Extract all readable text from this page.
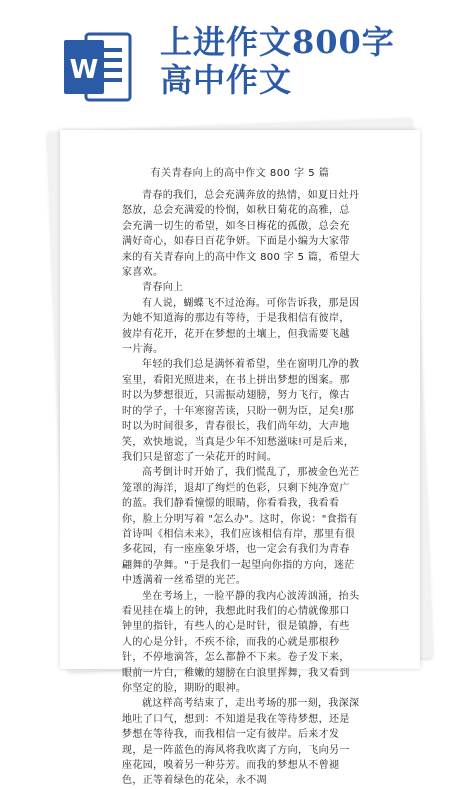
W
上进作文800字
高中作文
有关青春向上的高中作文 800 字 5 篇

青春的我们，总会充满奔放的热情，如夏日灶丹怒放，总会充满爱的怜悯，如秋日菊花的高雅，总会充满一切生的希望，如冬日梅花的孤傲，总会充满好奇心，如春日百花争妍。下面是小编为大家带来的有关青春向上的高中作文 800 字 5 篇，希望大家喜欢。

青春向上

有人说，蝴蝶飞不过沧海。可你告诉我，那是因为她不知道海的那边有等待，于是我相信有彼岸，彼岸有花开，花开在梦想的土壤上，但我需要飞越一片海。

年轻的我们总是满怀着希望，坐在窗明几净的教室里，看阳光照进来，在书上拼出梦想的图案。那时以为梦想很近，只需振动翅膀，努力飞行，像古时的学子，十年寒窗苦读，只盼一朝为臣，足矣!那时以为时间很多，青春很长，我们尚年幼，大声地笑，欢快地说，当真是少年不知愁滋味!可是后来，我们只是留恋了一朵花开的时间。

高考倒计时开始了，我们慌乱了，那被金色光芒笼罩的海洋，退却了绚烂的色彩，只剩下纯净宽广的蓝。我们静看憧憬的眼睛，你看看我，我看看你，脸上分明写着 "怎么办"。这时，你说："食指有首诗叫《相信未来》，我们应该相信有岸，那里有很多花园，有一座座象牙塔，也一定会有我们为青春翩舞的孕舞。"于是我们一起望向你指的方向，迷茫中透满着一丝希望的光芒。

坐在考场上，一脸平静的我内心波涛汹涌，抬头看见挂在墙上的钟，我想此时我们的心情就像那口钟里的指针，有些人的心是时针，很是镇静，有些人的心是分针，不疾不徐，而我的心就是那根秒针，不停地滴答，怎么都静不下来。卷子发下来，眼前一片白，稚嫩的翅膀在白浪里挥舞，我又看到你坚定的脸，期盼的眼神。

就这样高考结束了，走出考场的那一刻，我深深地吐了口气，想到：不知道是我在等待梦想，还是梦想在等待我，而我相信一定有彼岸。后来才发现，是一阵蓝色的海风将我吹离了方向，飞向另一座花园，嗅着另一种芬芳。而我的梦想从不曾褪色，正等着绿色的花朵，永不凋
